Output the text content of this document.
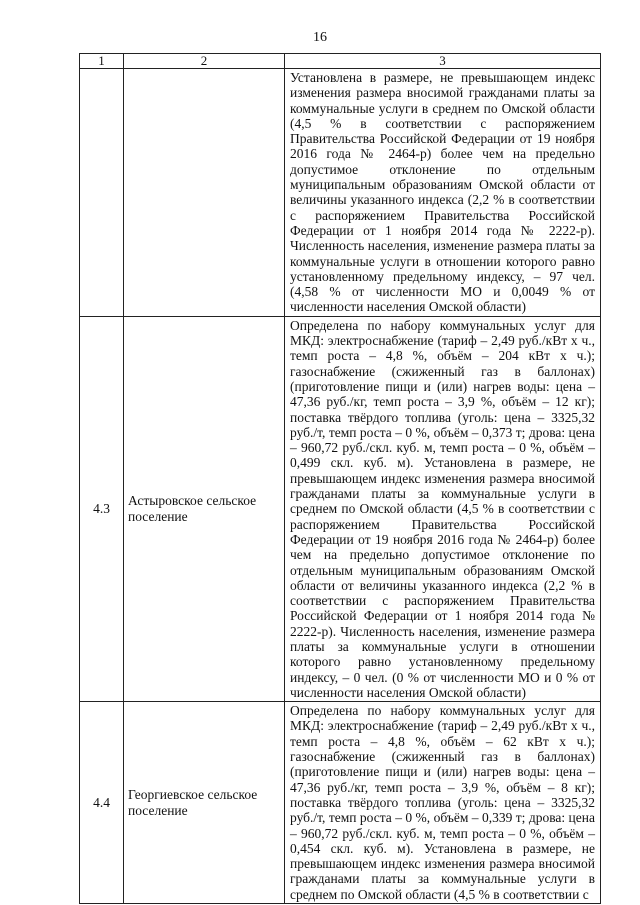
16
1	2	3

		Установлена в размере, не превышающем индекс изменения размера вносимой гражданами платы за коммунальные услуги в среднем по Омской области (4,5 % в соответствии с распоряжением Правительства Российской Федерации от 19 ноября 2016 года № 2464-р) более чем на предельно допустимое отклонение по отдельным муниципальным образованиям Омской области от величины указанного индекса (2,2 % в соответствии с распоряжением Правительства Российской Федерации от 1 ноября 2014 года № 2222-р). Численность населения, изменение размера платы за коммунальные услуги в отношении которого равно установленному предельному индексу, – 97 чел. (4,58 % от численности МО и 0,0049 % от численности населения Омской области)

4.3	Астыровское сельское поселение	Определена по набору коммунальных услуг для МКД: электроснабжение (тариф – 2,49 руб./кВт х ч., темп роста – 4,8 %, объём – 204 кВт х ч.); газоснабжение (сжиженный газ в баллонах) (приготовление пищи и (или) нагрев воды: цена – 47,36 руб./кг, темп роста – 3,9 %, объём – 12 кг); поставка твёрдого топлива (уголь: цена – 3325,32 руб./т, темп роста – 0 %, объём – 0,373 т; дрова: цена – 960,72 руб./скл. куб. м, темп роста – 0 %, объём – 0,499 скл. куб. м). Установлена в размере, не превышающем индекс изменения размера вносимой гражданами платы за коммунальные услуги в среднем по Омской области (4,5 % в соответствии с распоряжением Правительства Российской Федерации от 19 ноября 2016 года № 2464-р) более чем на предельно допустимое отклонение по отдельным муниципальным образованиям Омской области от величины указанного индекса (2,2 % в соответствии с распоряжением Правительства Российской Федерации от 1 ноября 2014 года № 2222-р). Численность населения, изменение размера платы за коммунальные услуги в отношении которого равно установленному предельному индексу, – 0 чел. (0 % от численности МО и 0 % от численности населения Омской области)

4.4	Георгиевское сельское поселение	Определена по набору коммунальных услуг для МКД: электроснабжение (тариф – 2,49 руб./кВт х ч., темп роста – 4,8 %, объём – 62 кВт х ч.); газоснабжение (сжиженный газ в баллонах) (приготовление пищи и (или) нагрев воды: цена – 47,36 руб./кг, темп роста – 3,9 %, объём – 8 кг); поставка твёрдого топлива (уголь: цена – 3325,32 руб./т, темп роста – 0 %, объём – 0,339 т; дрова: цена – 960,72 руб./скл. куб. м, темп роста – 0 %, объём – 0,454 скл. куб. м). Установлена в размере, не превышающем индекс изменения размера вносимой гражданами платы за коммунальные услуги в среднем по Омской области (4,5 % в соответствии с
